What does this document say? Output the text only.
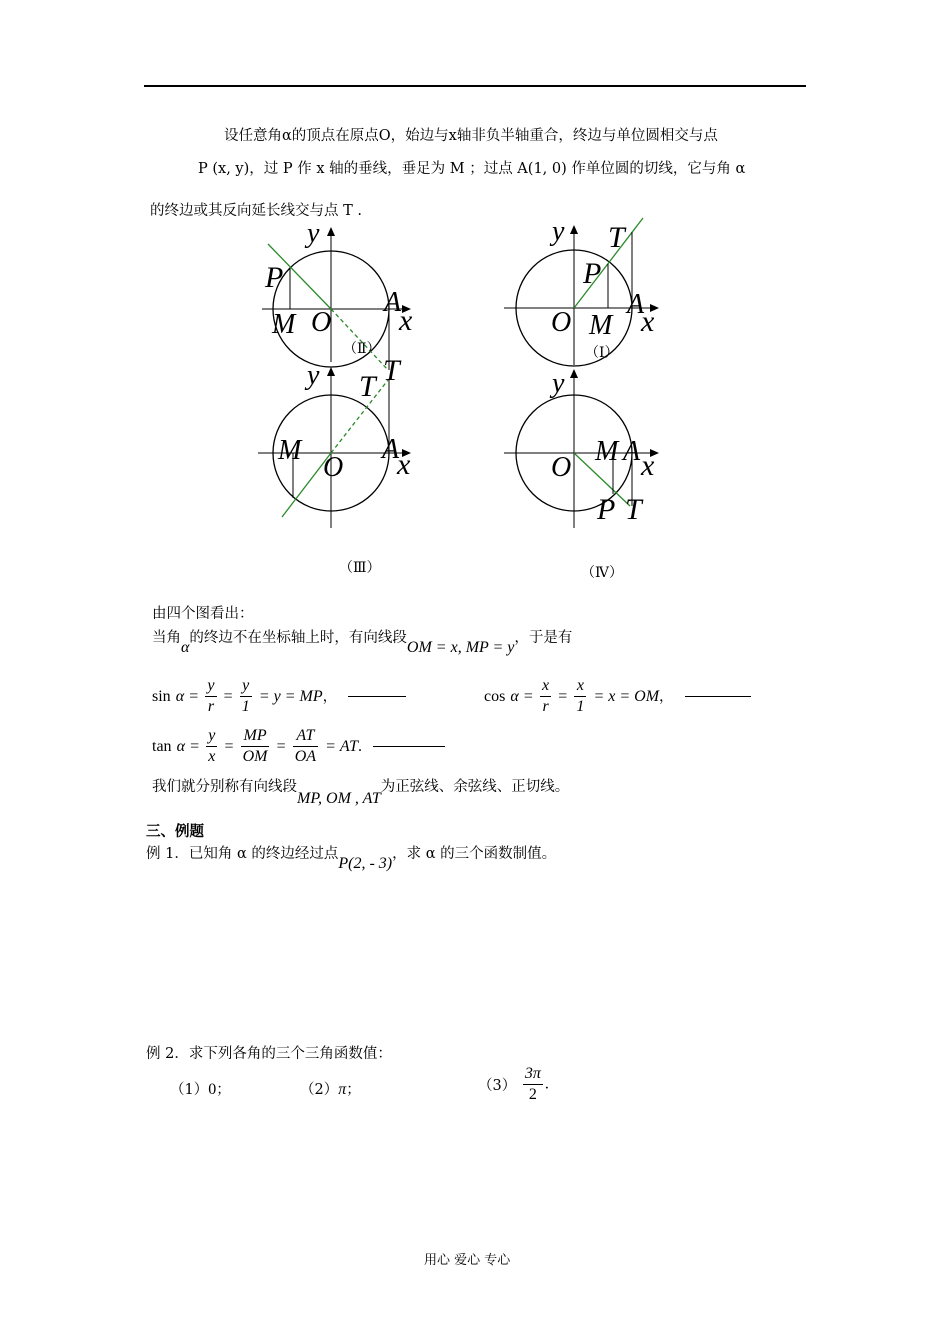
设任意角α的顶点在原点O，始边与x轴非负半轴重合，终边与单位圆相交与点
P (x, y)，过 P 作 x 轴的垂线，垂足为 M ；过点 A(1, 0) 作单位圆的切线，它与角 α
的终边或其反向延长线交与点 T .
y
P
M O
A
x
T
（Ⅱ）
y T
P
O M
A
x
（Ⅰ）
y T
M
O
A
x
（Ⅲ）
y
O
M A x
P T
（Ⅳ）
由四个图看出：
当角α的终边不在坐标轴上时，有向线段OM = x, MP = y，于是有
$\sin \alpha = \frac{y}{r} = \frac{y}{1} = y$ = MP，	$\cos \alpha = \frac{x}{r} = \frac{x}{1} = x$ = OM，
$\tan \alpha = \frac{y}{x} = \frac{MP}{OM} = \frac{AT}{OA}$ = AT.
我们就分别称有向线段MP, OM , AT为正弦线、余弦线、正切线。
三、例题
例 1．已知角 α 的终边经过点P(2, - 3)，求 α 的三个函数制值。
例 2．求下列各角的三个三角函数值：
（1）0；	（2）π；	$(3) \frac{3\pi}{2}$ .
用心 爱心 专心
